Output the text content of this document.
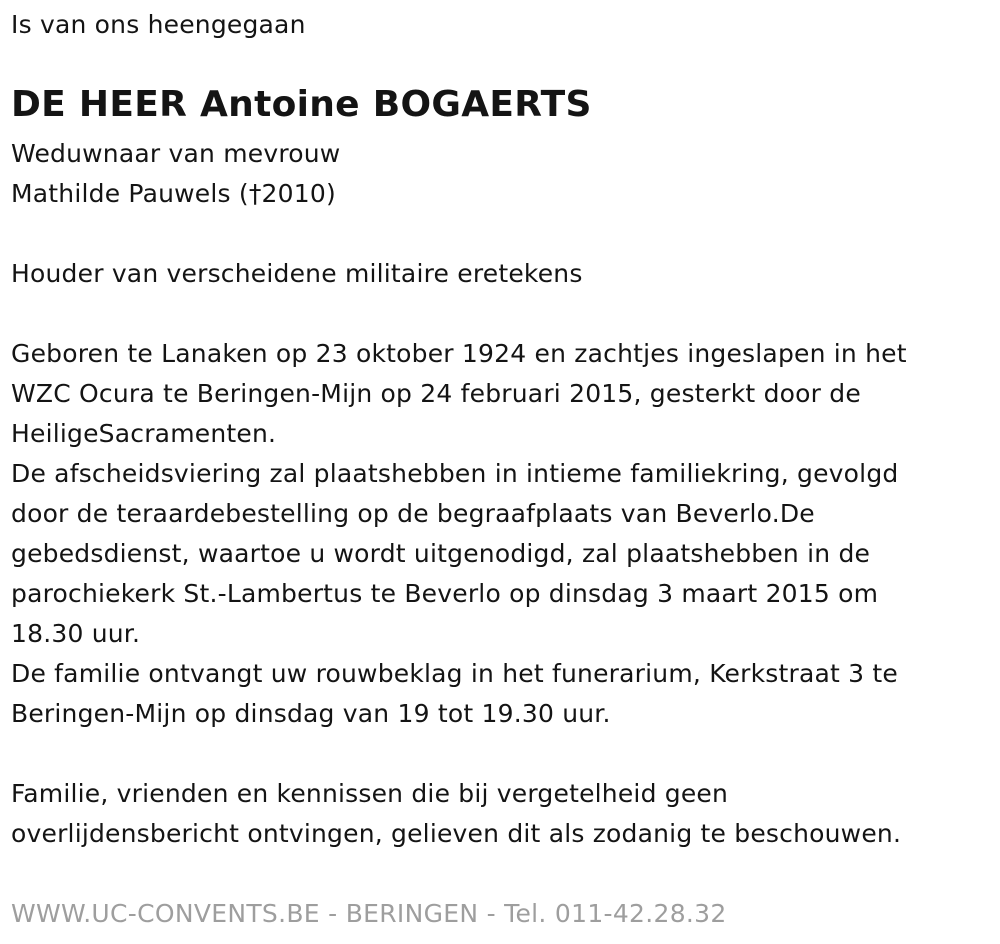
Is van ons heengegaan
DE HEER Antoine BOGAERTS
Weduwnaar van mevrouw
Mathilde Pauwels (†2010)
Houder van verscheidene militaire eretekens
Geboren te Lanaken op 23 oktober 1924 en zachtjes ingeslapen in het
WZC Ocura te Beringen-Mijn op 24 februari 2015, gesterkt door de
HeiligeSacramenten.
De afscheidsviering zal plaatshebben in intieme familiekring, gevolgd
door de teraardebestelling op de begraafplaats van Beverlo.De
gebedsdienst, waartoe u wordt uitgenodigd, zal plaatshebben in de
parochiekerk St.-Lambertus te Beverlo op dinsdag 3 maart 2015 om
18.30 uur.
De familie ontvangt uw rouwbeklag in het funerarium, Kerkstraat 3 te
Beringen-Mijn op dinsdag van 19 tot 19.30 uur.
Familie, vrienden en kennissen die bij vergetelheid geen
overlijdensbericht ontvingen, gelieven dit als zodanig te beschouwen.
WWW.UC-CONVENTS.BE - BERINGEN - Tel. 011-42.28.32
